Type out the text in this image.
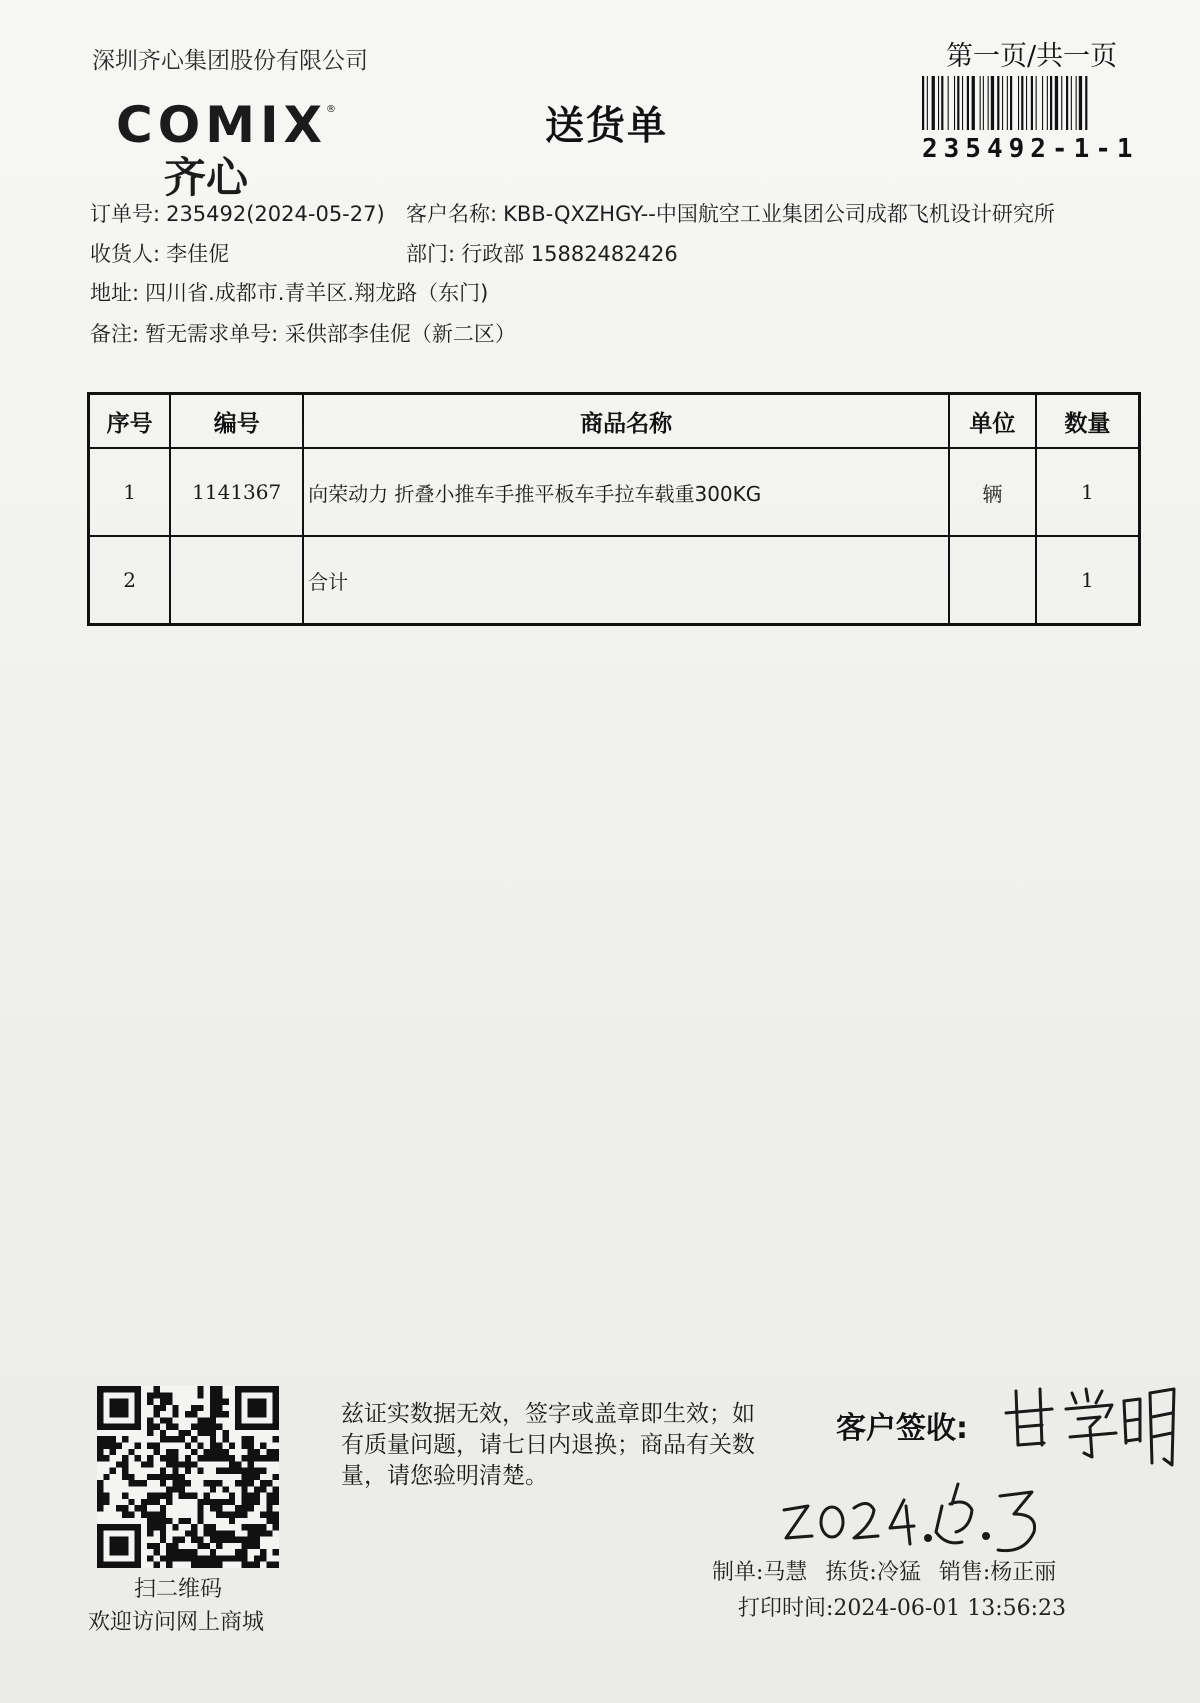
深圳齐心集团股份有限公司
COMIX
®
齐心
送货单
第一页/共一页
235492-1-1
订单号: 235492(2024-05-27) 客户名称: KBB-QXZHGY--中国航空工业集团公司成都飞机设计研究所
收货人: 李佳伲	部门: 行政部 15882482426
地址: 四川省.成都市.青羊区.翔龙路（东门)
备注: 暂无需求单号: 采供部李佳伲（新二区）
序号	编号	商品名称	单位	数量
1	1141367	向荣动力 折叠小推车手推平板车手拉车载重300KG	辆	1
2		合计		1
扫二维码
欢迎访问网上商城
兹证实数据无效，签字或盖章即生效；如有质量问题，请七日内退换；商品有关数量，请您验明清楚。
客户签收:
制单:马慧 拣货:冷猛 销售:杨正丽
打印时间:2024-06-01 13:56:23
